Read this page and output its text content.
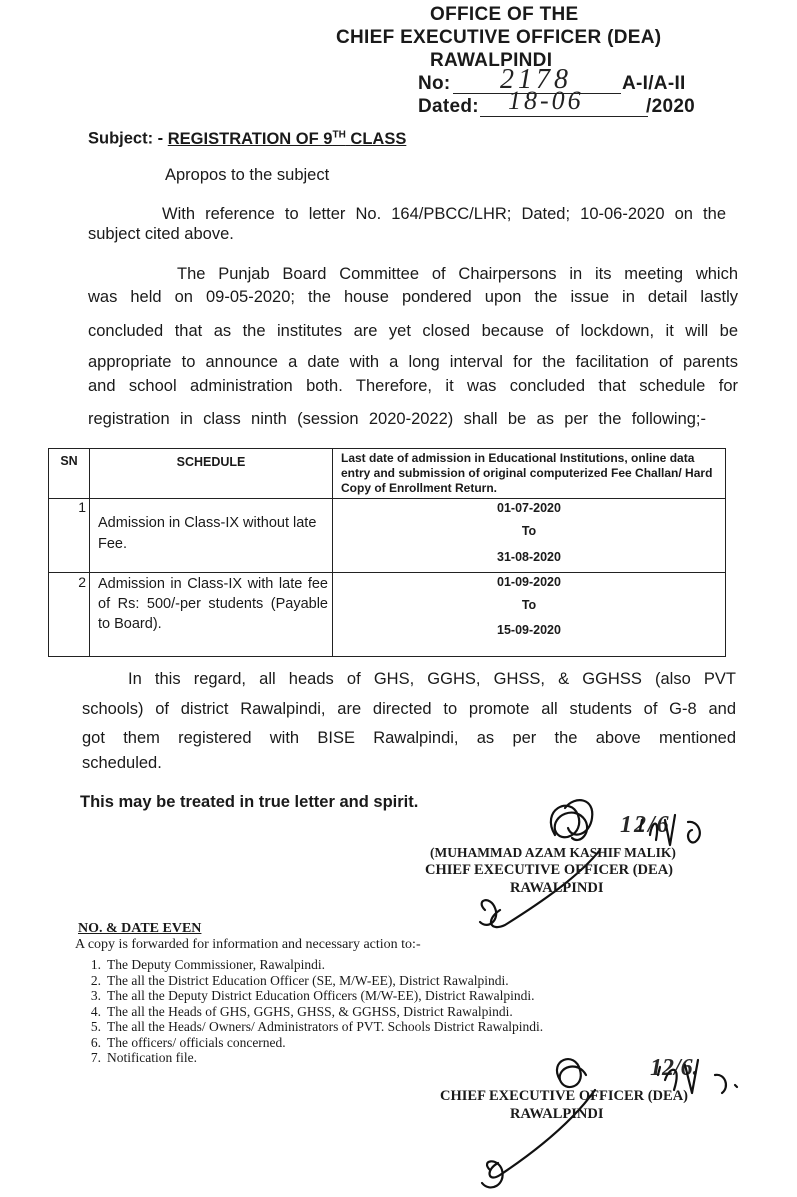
OFFICE OF THE
CHIEF EXECUTIVE OFFICER (DEA)
RAWALPINDI
No: 2178	A-I/A-II
Dated: 18-06	/2020
Subject: - REGISTRATION OF 9TH CLASS
Apropos to the subject
With reference to letter No. 164/PBCC/LHR; Dated; 10-06-2020 on the
subject cited above.
The Punjab Board Committee of Chairpersons in its meeting which
was held on 09-05-2020; the house pondered upon the issue in detail lastly
concluded that as the institutes are yet closed because of lockdown, it will be
appropriate to announce a date with a long interval for the facilitation of parents
and school administration both. Therefore, it was concluded that schedule for
registration in class ninth (session 2020-2022) shall be as per the following;-
SN	SCHEDULE	Last date of admission in Educational Institutions, online data entry and submission of original computerized Fee Challan/ Hard Copy of Enrollment Return.
1	Admission in Class-IX without late Fee.	01-07-2020
To
31-08-2020

2	Admission in Class-IX with late fee of Rs: 500/-per students (Payable to Board).	01-09-2020
To
15-09-2020
In this regard, all heads of GHS, GGHS, GHSS, & GGHSS (also PVT
schools) of district Rawalpindi, are directed to promote all students of G-8 and
got them registered with BISE Rawalpindi, as per the above mentioned
scheduled.
This may be treated in true letter and spirit.
12/6
(MUHAMMAD AZAM KASHIF MALIK)
CHIEF EXECUTIVE OFFICER (DEA)
RAWALPINDI
NO. & DATE EVEN
A copy is forwarded for information and necessary action to:-
1. The Deputy Commissioner, Rawalpindi.
2. The all the District Education Officer (SE, M/W-EE), District Rawalpindi.
3. The all the Deputy District Education Officers (M/W-EE), District Rawalpindi.
4. The all the Heads of GHS, GGHS, GHSS, & GGHSS, District Rawalpindi.
5. The all the Heads/ Owners/ Administrators of PVT. Schools District Rawalpindi.
6. The officers/ officials concerned.
7. Notification file.	12/6.
CHIEF EXECUTIVE OFFICER (DEA)
RAWALPINDI
